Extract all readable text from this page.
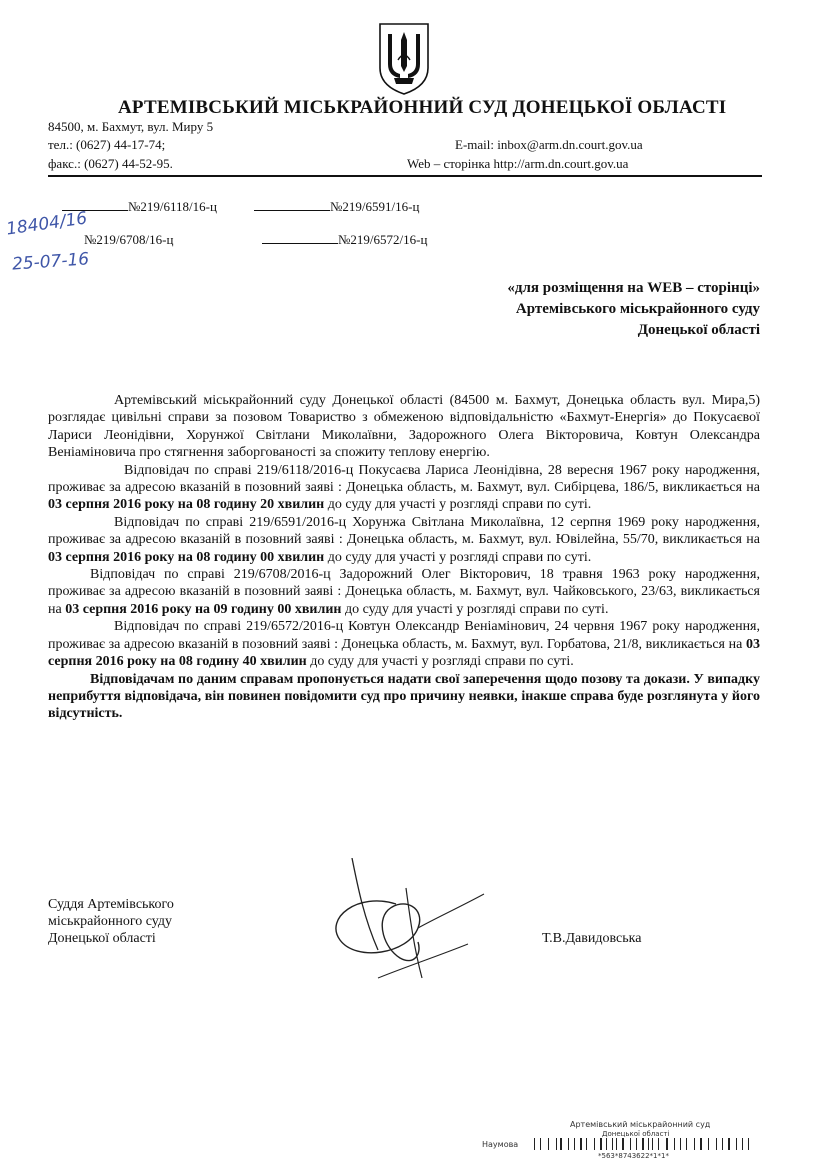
АРТЕМІВСЬКИЙ МІСЬКРАЙОННИЙ СУД ДОНЕЦЬКОЇ ОБЛАСТІ
84500, м. Бахмут, вул. Миру 5
тел.: (0627) 44-17-74;
факс.: (0627) 44-52-95.
E-mail: inbox@arm.dn.court.gov.ua
Web – сторінка http://arm.dn.court.gov.ua
№219/6118/16-ц	№219/6591/16-ц
№219/6708/16-ц	№219/6572/16-ц
18404/16
25-07-16
«для розміщення на WEB – сторінці»
Артемівського міськрайонного суду
Донецької області

Артемівський міськрайонний суду Донецької області (84500 м. Бахмут, Донецька область вул. Мира,5) розглядає цивільні справи за позовом Товариство з обмеженою відповідальністю «Бахмут-Енергія» до Покусаєвої Лариси Леонідівни, Хорунжої Світлани Миколаївни, Задорожного Олега Вікторовича, Ковтун Олександра Веніаміновича про стягнення заборгованості за спожиту теплову енергію.

Відповідач по справі 219/6118/2016-ц Покусаєва Лариса Леонідівна, 28 вересня 1967 року народження, проживає за адресою вказаній в позовний заяві : Донецька область, м. Бахмут, вул. Сибірцева, 186/5, викликається на 03 серпня 2016 року на 08 годину 20 хвилин до суду для участі у розгляді справи по суті.

Відповідач по справі 219/6591/2016-ц Хорунжа Світлана Миколаївна, 12 серпня 1969 року народження, проживає за адресою вказаній в позовний заяві : Донецька область, м. Бахмут, вул. Ювілейна, 55/70, викликається на 03 серпня 2016 року на 08 годину 00 хвилин до суду для участі у розгляді справи по суті.

Відповідач по справі 219/6708/2016-ц Задорожний Олег Вікторович, 18 травня 1963 року народження, проживає за адресою вказаній в позовний заяві : Донецька область, м. Бахмут, вул. Чайковського, 23/63, викликається на 03 серпня 2016 року на 09 годину 00 хвилин до суду для участі у розгляді справи по суті.

Відповідач по справі 219/6572/2016-ц Ковтун Олександр Веніамінович, 24 червня 1967 року народження, проживає за адресою вказаній в позовний заяві : Донецька область, м. Бахмут, вул. Горбатова, 21/8, викликається на 03 серпня 2016 року на 08 годину 40 хвилин до суду для участі у розгляді справи по суті.

Відповідачам по даним справам пропонується надати свої заперечення щодо позову та докази. У випадку неприбуття відповідача, він повинен повідомити суд про причину неявки, інакше справа буде розглянута у його відсутність.

Суддя Артемівського
міськрайонного суду
Донецької області	Т.В.Давидовська
Артемівський міськрайонний суд
Донецької області
Наумова
*563*8743622*1*1*
